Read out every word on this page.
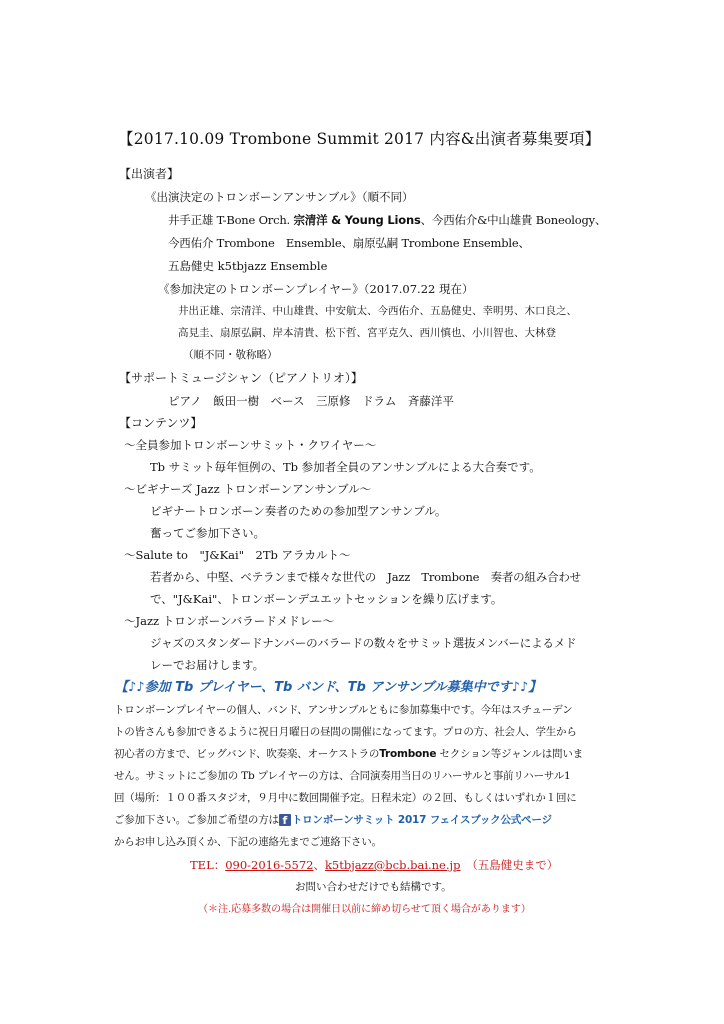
【2017.10.09 Trombone Summit 2017 内容&出演者募集要項】
【出演者】
《出演決定のトロンボーンアンサンブル》（順不同）
井手正雄 T-Bone Orch. 宗清洋 & Young Lions、今西佑介&中山雄貴 Boneology、
今西佑介 Trombone　Ensemble、扇原弘嗣 Trombone Ensemble、
五島健史 k5tbjazz Ensemble
《参加決定のトロンボーンプレイヤー》（2017.07.22 現在）
井出正雄、宗清洋、中山雄貴、中安航太、今西佑介、五島健史、幸明男、木口良之、
高見圭、扇原弘嗣、岸本清貴、松下哲、宮平克久、西川慎也、小川智也、大林登
（順不同・敬称略）
【サポートミュージシャン（ピアノトリオ）】
ピアノ　飯田一樹　ベース　三原修　ドラム　斉藤洋平
【コンテンツ】
～全員参加トロンボーンサミット・クワイヤー～
Tb サミット毎年恒例の、Tb 参加者全員のアンサンブルによる大合奏です。
～ビギナーズ Jazz トロンボーンアンサンブル～
ビギナートロンボーン奏者のための参加型アンサンブル。
奮ってご参加下さい。
～Salute to　"J&Kai"　2Tb アラカルト～
若者から、中堅、ベテランまで様々な世代の　Jazz　Trombone　奏者の組み合わせ
で、"J&Kai"、トロンボーンデユエットセッションを繰り広げます。
～Jazz トロンボーンバラードメドレー～
ジャズのスタンダードナンバーのバラードの数々をサミット選抜メンバーによるメド
レーでお届けします。
【♪♪参加 Tb プレイヤー、Tb バンド、Tb アンサンブル募集中です♪♪】
トロンボーンプレイヤーの個人、バンド、アンサンブルともに参加募集中です。今年はスチューデン
トの皆さんも参加できるように祝日月曜日の昼間の開催になってます。プロの方、社会人、学生から
初心者の方まで、ビッグバンド、吹奏楽、オーケストラのTrombone セクション等ジャンルは問いま
せん。サミットにご参加の Tb プレイヤーの方は、合同演奏用当日のリハーサルと事前リハーサル1
回（場所：１００番スタジオ，９月中に数回開催予定。日程未定）の２回、もしくはいずれか１回に
ご参加下さい。ご参加ご希望の方は f トロンボーンサミット 2017 フェイスブック公式ページ
からお申し込み頂くか、下記の連絡先までご連絡下さい。
TEL：090-2016-5572、k5tbjazz@bcb.bai.ne.jp　 （五島健史まで）
お問い合わせだけでも結構です。
（＊注.応募多数の場合は開催日以前に締め切らせて頂く場合があります）
